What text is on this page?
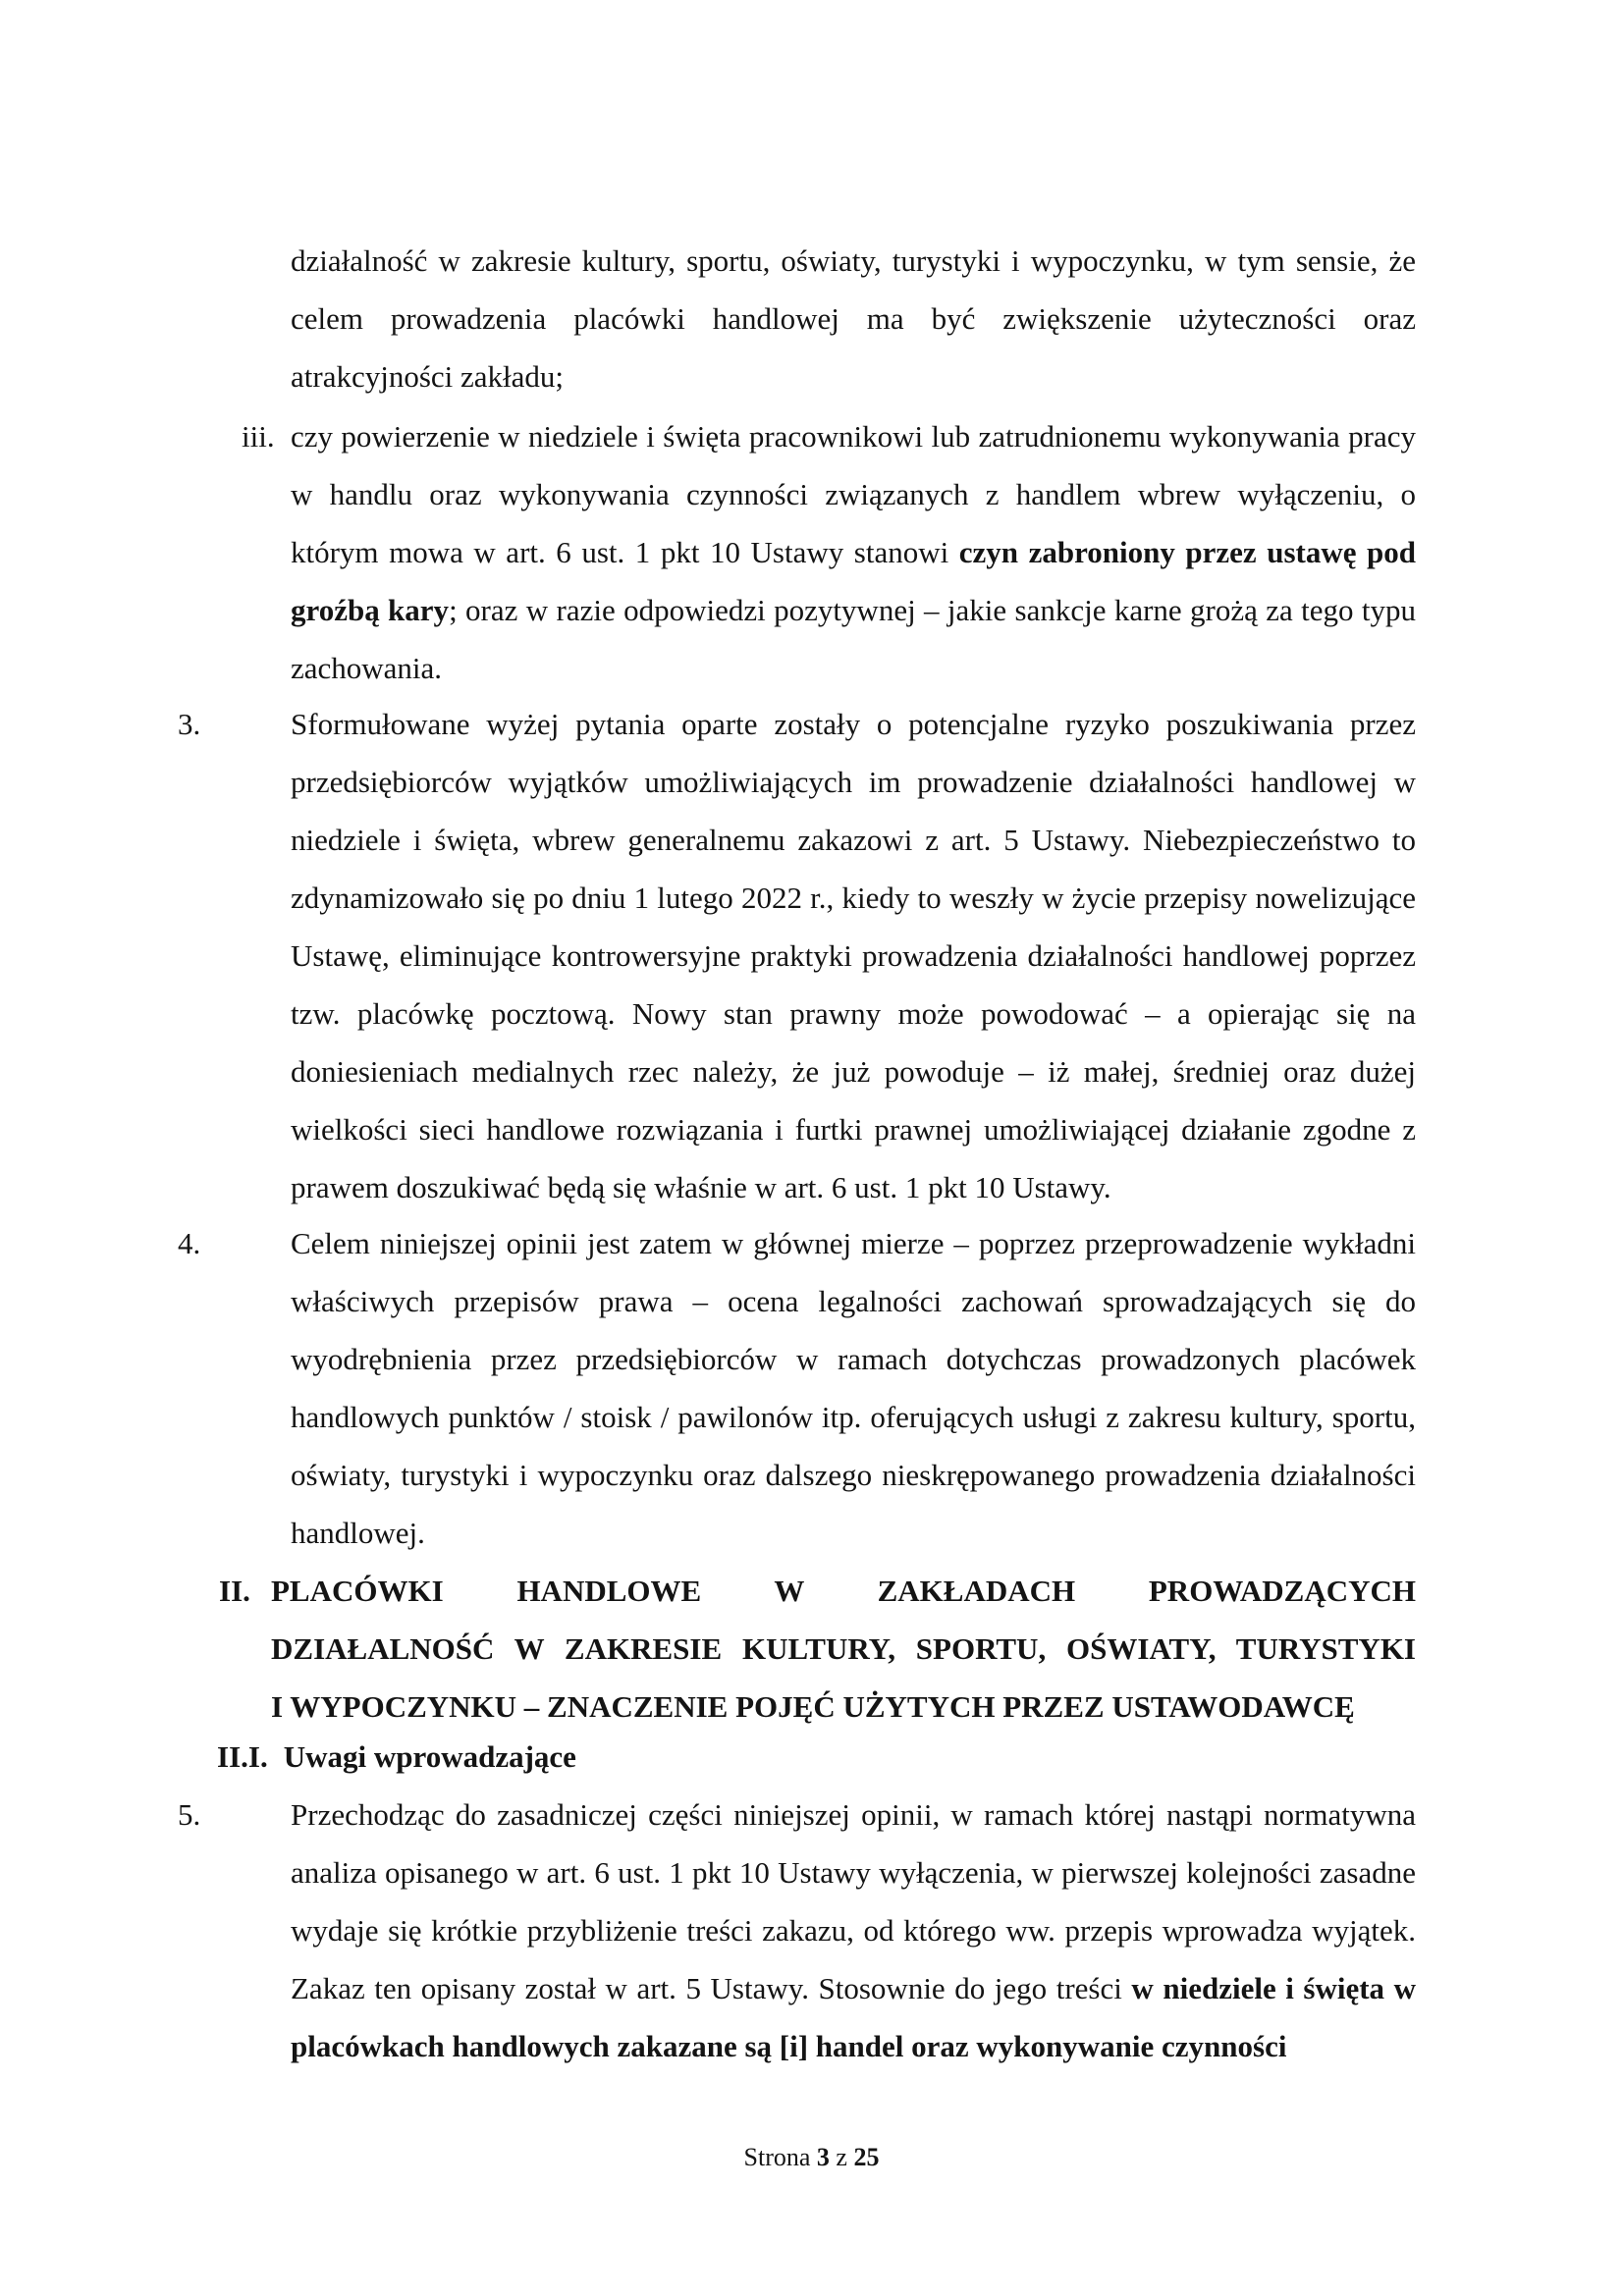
działalność w zakresie kultury, sportu, oświaty, turystyki i wypoczynku, w tym sensie, że celem prowadzenia placówki handlowej ma być zwiększenie użyteczności oraz atrakcyjności zakładu;
iii. czy powierzenie w niedziele i święta pracownikowi lub zatrudnionemu wykonywania pracy w handlu oraz wykonywania czynności związanych z handlem wbrew wyłączeniu, o którym mowa w art. 6 ust. 1 pkt 10 Ustawy stanowi czyn zabroniony przez ustawę pod groźbą kary; oraz w razie odpowiedzi pozytywnej – jakie sankcje karne grożą za tego typu zachowania.
3.	Sformułowane wyżej pytania oparte zostały o potencjalne ryzyko poszukiwania przez przedsiębiorców wyjątków umożliwiających im prowadzenie działalności handlowej w niedziele i święta, wbrew generalnemu zakazowi z art. 5 Ustawy. Niebezpieczeństwo to zdynamizowało się po dniu 1 lutego 2022 r., kiedy to weszły w życie przepisy nowelizujące Ustawę, eliminujące kontrowersyjne praktyki prowadzenia działalności handlowej poprzez tzw. placówkę pocztową. Nowy stan prawny może powodować – a opierając się na doniesieniach medialnych rzec należy, że już powoduje – iż małej, średniej oraz dużej wielkości sieci handlowe rozwiązania i furtki prawnej umożliwiającej działanie zgodne z prawem doszukiwać będą się właśnie w art. 6 ust. 1 pkt 10 Ustawy.
4.	Celem niniejszej opinii jest zatem w głównej mierze – poprzez przeprowadzenie wykładni właściwych przepisów prawa – ocena legalności zachowań sprowadzających się do wyodrębnienia przez przedsiębiorców w ramach dotychczas prowadzonych placówek handlowych punktów / stoisk / pawilonów itp. oferujących usługi z zakresu kultury, sportu, oświaty, turystyki i wypoczynku oraz dalszego nieskrępowanego prowadzenia działalności handlowej.
II. PLACÓWKI HANDLOWE W ZAKŁADACH PROWADZĄCYCH
DZIAŁALNOŚĆ W ZAKRESIE KULTURY, SPORTU, OŚWIATY, TURYSTYKI
I WYPOCZYNKU – ZNACZENIE POJĘĆ UŻYTYCH PRZEZ USTAWODAWCĘ
II.I. Uwagi wprowadzające
5.	Przechodząc do zasadniczej części niniejszej opinii, w ramach której nastąpi normatywna analiza opisanego w art. 6 ust. 1 pkt 10 Ustawy wyłączenia, w pierwszej kolejności zasadne wydaje się krótkie przybliżenie treści zakazu, od którego ww. przepis wprowadza wyjątek. Zakaz ten opisany został w art. 5 Ustawy. Stosownie do jego treści w niedziele i święta w placówkach handlowych zakazane są [i] handel oraz wykonywanie czynności
Strona 3 z 25
